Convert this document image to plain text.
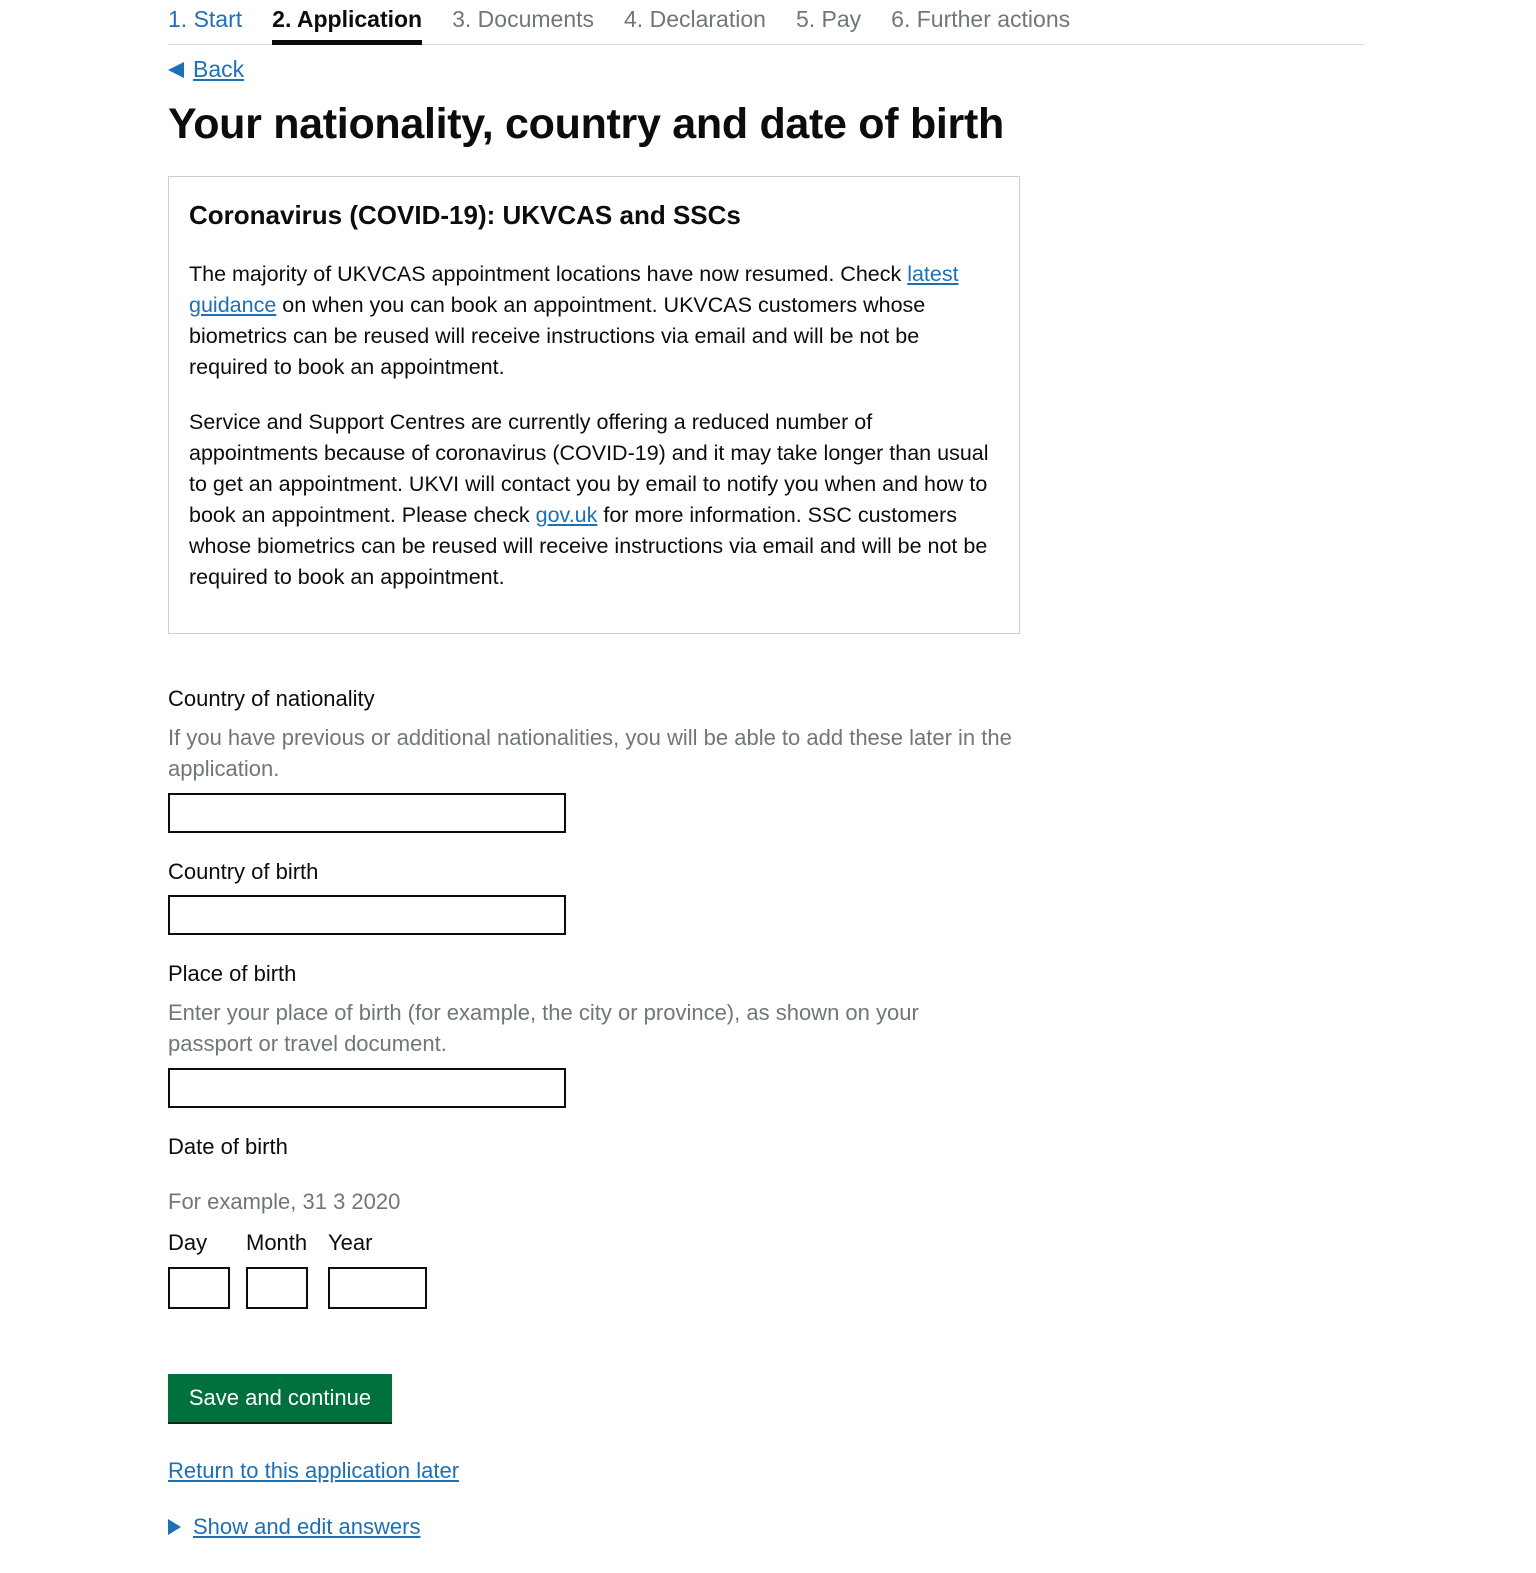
1. Start 2. Application 3. Documents 4. Declaration 5. Pay 6. Further actions
Back
Your nationality, country and date of birth
Coronavirus (COVID-19): UKVCAS and SSCs

The majority of UKVCAS appointment locations have now resumed. Check latest guidance on when you can book an appointment. UKVCAS customers whose biometrics can be reused will receive instructions via email and will be not be required to book an appointment.

Service and Support Centres are currently offering a reduced number of appointments because of coronavirus (COVID-19) and it may take longer than usual to get an appointment. UKVI will contact you by email to notify you when and how to book an appointment. Please check gov.uk for more information. SSC customers whose biometrics can be reused will receive instructions via email and will be not be required to book an appointment.

Country of nationality
If you have previous or additional nationalities, you will be able to add these later in the application.
Country of birth
Place of birth
Enter your place of birth (for example, the city or province), as shown on your passport or travel document.
Date of birth
For example, 31 3 2020
Day Month Year
Save and continue
Return to this application later
Show and edit answers
